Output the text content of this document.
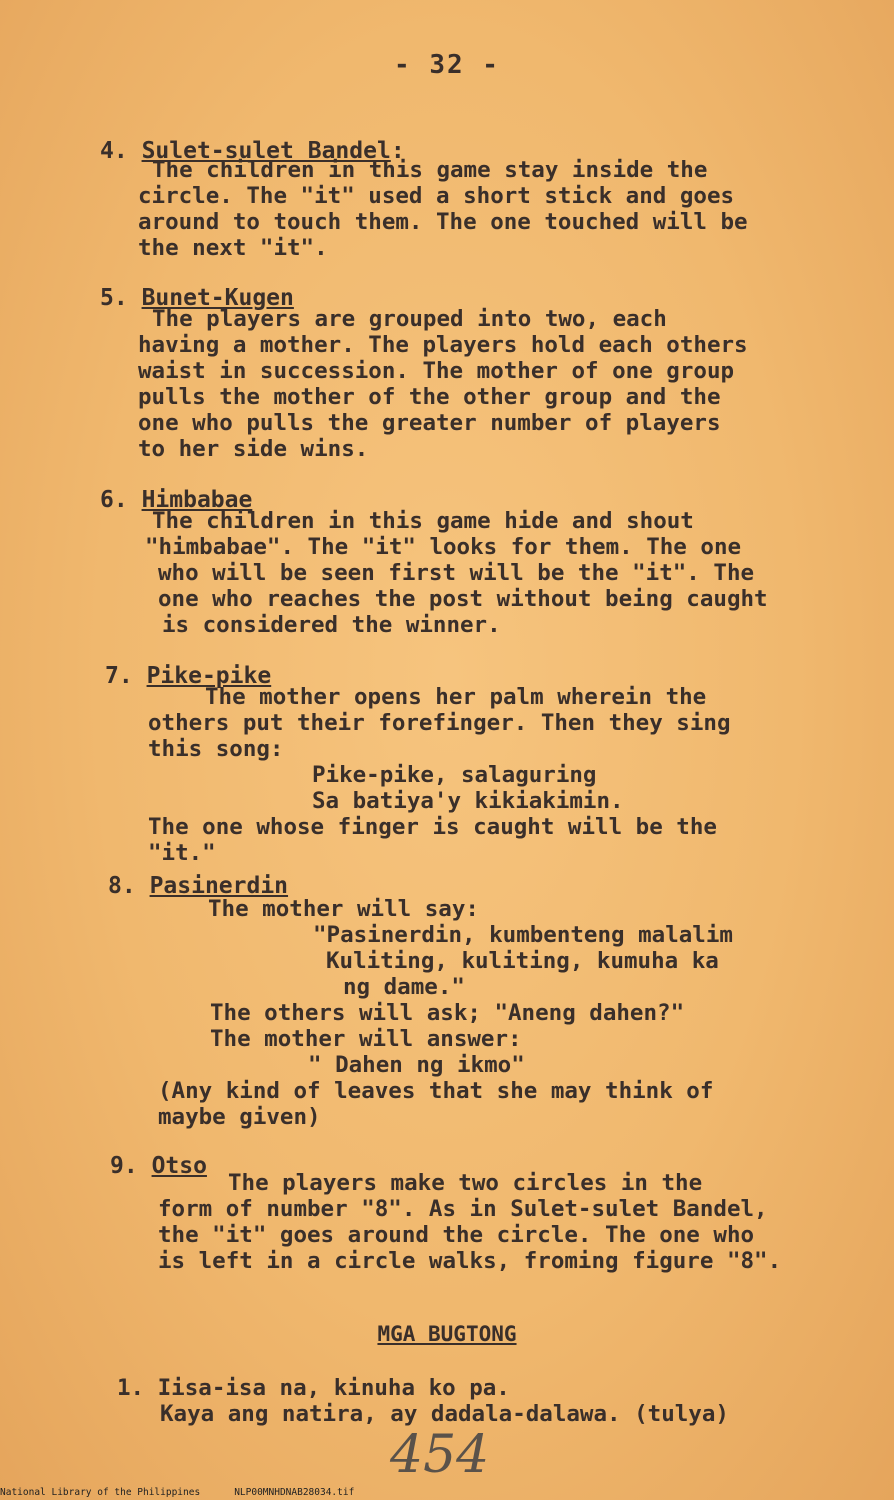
- 32 -
4. Sulet-sulet Bandel:

The children in this game stay inside the

circle. The "it" used a short stick and goes

around to touch them. The one touched will be

the next "it".

5. Bunet-Kugen

The players are grouped into two, each

having a mother. The players hold each others

waist in succession. The mother of one group

pulls the mother of the other group and the

one who pulls the greater number of players

to her side wins.

6. Himbabae

The children in this game hide and shout

"himbabae". The "it" looks for them. The one

who will be seen first will be the "it". The

one who reaches the post without being caught

is considered the winner.

7. Pike-pike

The mother opens her palm wherein the

others put their forefinger. Then they sing

this song:

Pike-pike, salaguring

Sa batiya'y kikiakimin.

The one whose finger is caught will be the

"it."

8. Pasinerdin

The mother will say:

"Pasinerdin, kumbenteng malalim

Kuliting, kuliting, kumuha ka

ng dame."

The others will ask; "Aneng dahen?"

The mother will answer:

" Dahen ng ikmo"

(Any kind of leaves that she may think of

maybe given)

9. Otso

The players make two circles in the

form of number "8". As in Sulet-sulet Bandel,

the "it" goes around the circle. The one who

is left in a circle walks, froming figure "8".

MGA BUGTONG

1. Iisa-isa na, kinuha ko pa.

Kaya ang natira, ay dadala-dalawa. (tulya)

454
National Library of the Philippines	NLP00MNHDNAB28034.tif
